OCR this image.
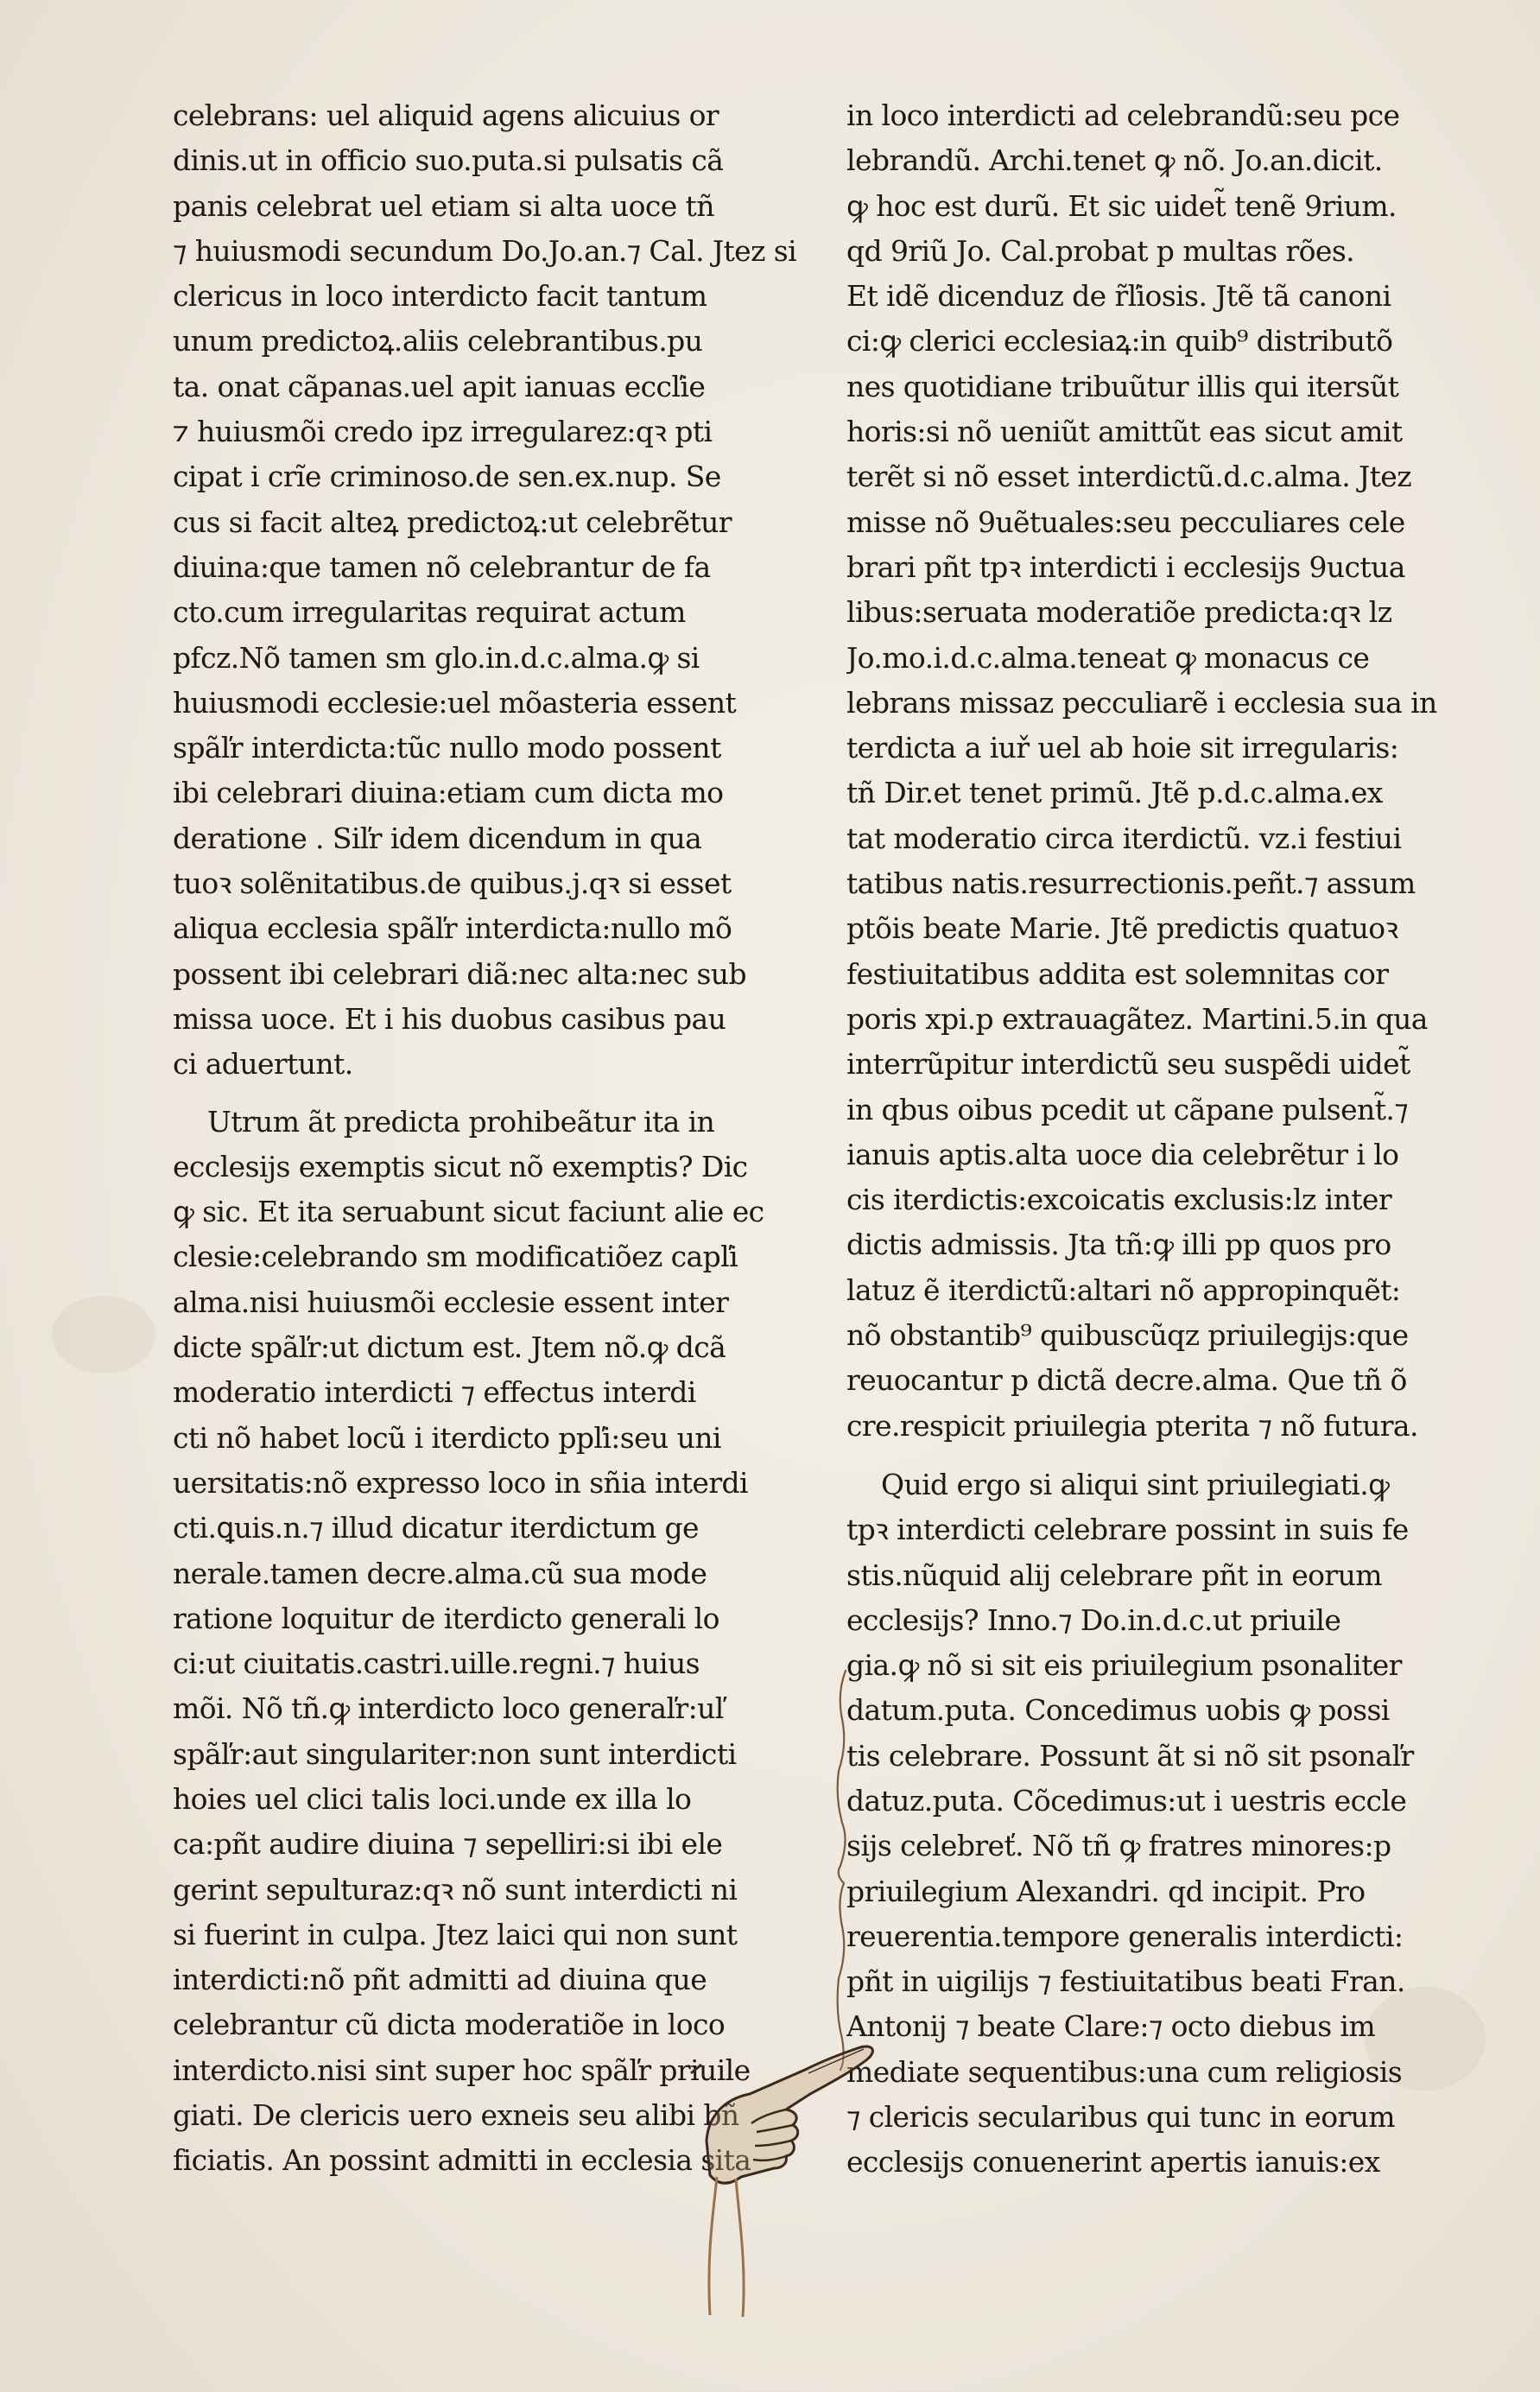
celebrans: uel aliquid agens alicuius or
dinis.ut in officio suo.puta.si pulsatis cã
panis celebrat uel etiam si alta uoce tñ
⁊ huiusmodi secundum Do.Jo.an.⁊ Cal. Jtez si
clericus in loco interdicto facit tantum
unum predictoꝝ.aliis celebrantibus.pu
ta. onat cãpanas.uel apit ianuas eccľie
⁊ huiusmõi credo ipz irregularez:qꝛ pti
cipat i crĩe criminoso.de sen.ex.nup. Se
cus si facit alteꝝ predictoꝝ:ut celebrẽtur
diuina:que tamen nõ celebrantur de fa
cto.cum irregularitas requirat actum
pfcz.Nõ tamen sm glo.in.d.c.alma.ꝙ si
huiusmodi ecclesie:uel mõasteria essent
spãľr interdicta:tũc nullo modo possent
ibi celebrari diuina:etiam cum dicta mo
deratione . Siľr idem dicendum in qua
tuoꝛ solẽnitatibus.de quibus.j.qꝛ si esset
aliqua ecclesia spãľr interdicta:nullo mõ
possent ibi celebrari diã:nec alta:nec sub
missa uoce. Et i his duobus casibus pau
ci aduertunt.
Utrum ãt predicta prohibeãtur ita in
ecclesijs exemptis sicut nõ exemptis? Dic
ꝙ sic. Et ita seruabunt sicut faciunt alie ec
clesie:celebrando sm modificatiõez capľi
alma.nisi huiusmõi ecclesie essent inter
dicte spãľr:ut dictum est. Jtem nõ.ꝙ dcã
moderatio interdicti ⁊ effectus interdi
cti nõ habet locũ i iterdicto ppľi:seu uni
uersitatis:nõ expresso loco in sñia interdi
cti.ꝗuis.n.⁊ illud dicatur iterdictum ge
nerale.tamen decre.alma.cũ sua mode
ratione loquitur de iterdicto generali lo
ci:ut ciuitatis.castri.uille.regni.⁊ huius
mõi. Nõ tñ.ꝙ interdicto loco generaľr:uľ
spãľr:aut singulariter:non sunt interdicti
hoies uel clici talis loci.unde ex illa lo
ca:pñt audire diuina ⁊ sepelliri:si ibi ele
gerint sepulturaz:qꝛ nõ sunt interdicti ni
si fuerint in culpa. Jtez laici qui non sunt
interdicti:nõ pñt admitti ad diuina que
celebrantur cũ dicta moderatiõe in loco
interdicto.nisi sint super hoc spãľr priuile
giati. De clericis uero exneis seu alibi bñ
ficiatis. An possint admitti in ecclesia sita
in loco interdicti ad celebrandũ:seu pce
lebrandũ. Archi.tenet ꝙ nõ. Jo.an.dicit.
ꝙ hoc est durũ. Et sic uidet̃ tenẽ 9rium.
qd 9riũ Jo. Cal.probat p multas rões.
Et idẽ dicenduz de r̃ľiosis. Jtẽ tã canoni
ci:ꝙ clerici ecclesiaꝝ:in quib⁹ distributõ
nes quotidiane tribuũtur illis qui itersũt
horis:si nõ ueniũt amittũt eas sicut amit
terẽt si nõ esset interdictũ.d.c.alma. Jtez
misse nõ 9uẽtuales:seu pecculiares cele
brari pñt tpꝛ interdicti i ecclesijs 9uctua
libus:seruata moderatiõe predicta:qꝛ lz
Jo.mo.i.d.c.alma.teneat ꝙ monacus ce
lebrans missaz pecculiarẽ i ecclesia sua in
terdicta a iuř uel ab hoie sit irregularis:
tñ Dir.et tenet primũ. Jtẽ p.d.c.alma.ex
tat moderatio circa iterdictũ. vz.i festiui
tatibus natis.resurrectionis.peñt.⁊ assum
ptõis beate Marie. Jtẽ predictis quatuoꝛ
festiuitatibus addita est solemnitas cor
poris xpi.p extrauagãtez. Martini.5.in qua
interrũpitur interdictũ seu suspẽdi uidet̃
in qbus oibus pcedit ut cãpane pulsent̃.⁊
ianuis aptis.alta uoce dia celebrẽtur i lo
cis iterdictis:excoicatis exclusis:lz inter
dictis admissis. Jta tñ:ꝙ illi pp quos pro
latuz ẽ iterdictũ:altari nõ appropinquẽt:
nõ obstantib⁹ quibuscũqz priuilegijs:que
reuocantur p dictã decre.alma. Que tñ õ
cre.respicit priuilegia pterita ⁊ nõ futura.
Quid ergo si aliqui sint priuilegiati.ꝙ
tpꝛ interdicti celebrare possint in suis fe
stis.nũquid alij celebrare pñt in eorum
ecclesijs? Inno.⁊ Do.in.d.c.ut priuile
gia.ꝙ nõ si sit eis priuilegium psonaliter
datum.puta. Concedimus uobis ꝙ possi
tis celebrare. Possunt ãt si nõ sit psonaľr
datuz.puta. Cõcedimus:ut i uestris eccle
sijs celebreť. Nõ tñ ꝙ fratres minores:p
priuilegium Alexandri. qd incipit. Pro
reuerentia.tempore generalis interdicti:
pñt in uigilijs ⁊ festiuitatibus beati Fran.
Antonij ⁊ beate Clare:⁊ octo diebus im
mediate sequentibus:una cum religiosis
⁊ clericis secularibus qui tunc in eorum
ecclesijs conuenerint apertis ianuis:ex
